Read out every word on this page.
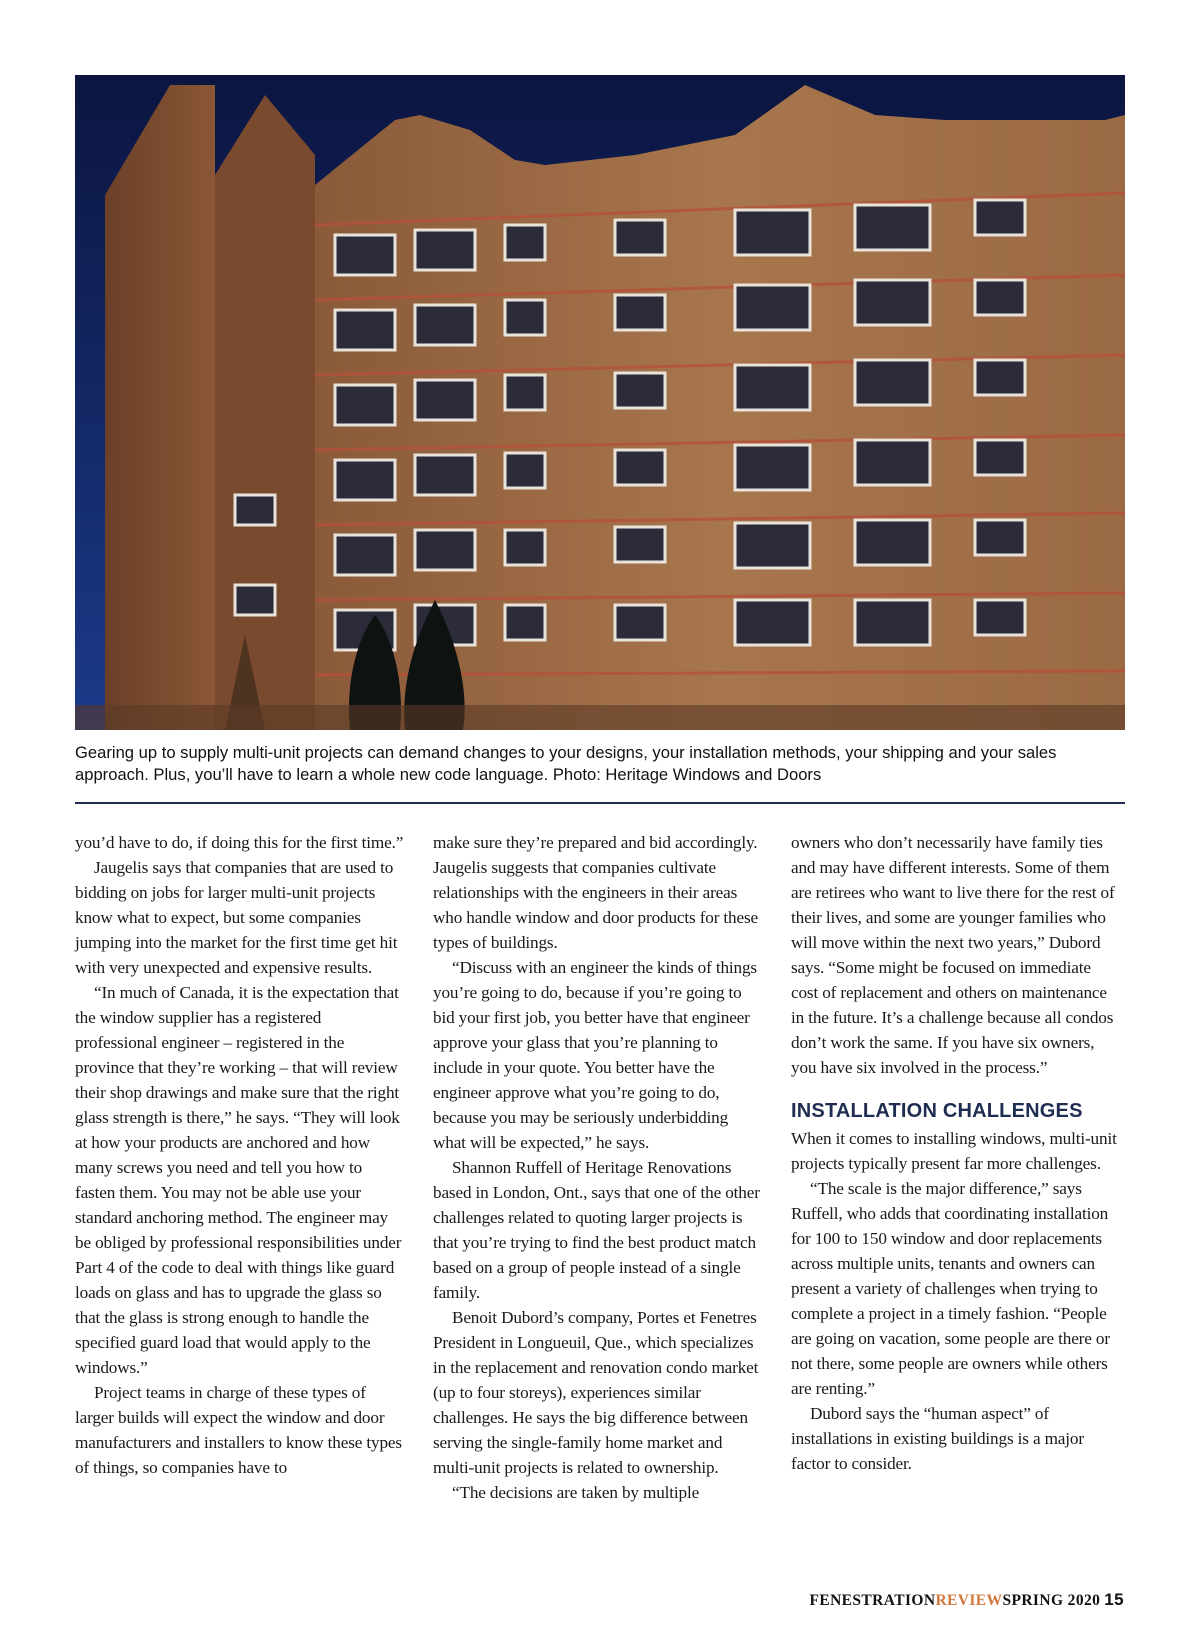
Gearing up to supply multi-unit projects can demand changes to your designs, your installation methods, your shipping and your sales approach. Plus, you’ll have to learn a whole new code language. Photo: Heritage Windows and Doors

you’d have to do, if doing this for the first time.”

Jaugelis says that companies that are used to bidding on jobs for larger multi-unit projects know what to expect, but some companies jumping into the market for the first time get hit with very unexpected and expensive results.

“In much of Canada, it is the expectation that the window supplier has a registered professional engineer – registered in the province that they’re working – that will review their shop drawings and make sure that the right glass strength is there,” he says. “They will look at how your products are anchored and how many screws you need and tell you how to fasten them. You may not be able use your standard anchoring method. The engineer may be obliged by professional responsibilities under Part 4 of the code to deal with things like guard loads on glass and has to upgrade the glass so that the glass is strong enough to handle the specified guard load that would apply to the windows.”

Project teams in charge of these types of larger builds will expect the window and door manufacturers and installers to know these types of things, so companies have to

make sure they’re prepared and bid accordingly. Jaugelis suggests that companies cultivate relationships with the engineers in their areas who handle window and door products for these types of buildings.

“Discuss with an engineer the kinds of things you’re going to do, because if you’re going to bid your first job, you better have that engineer approve your glass that you’re planning to include in your quote. You better have the engineer approve what you’re going to do, because you may be seriously underbidding what will be expected,” he says.

Shannon Ruffell of Heritage Renovations based in London, Ont., says that one of the other challenges related to quoting larger projects is that you’re trying to find the best product match based on a group of people instead of a single family.

Benoit Dubord’s company, Portes et Fenetres President in Longueuil, Que., which specializes in the replacement and renovation condo market (up to four storeys), experiences similar challenges. He says the big difference between serving the single-family home market and multi-unit projects is related to ownership.

“The decisions are taken by multiple

owners who don’t necessarily have family ties and may have different interests. Some of them are retirees who want to live there for the rest of their lives, and some are younger families who will move within the next two years,” Dubord says. “Some might be focused on immediate cost of replacement and others on maintenance in the future. It’s a challenge because all condos don’t work the same. If you have six owners, you have six involved in the process.”

INSTALLATION CHALLENGES

When it comes to installing windows, multi-unit projects typically present far more challenges.

“The scale is the major difference,” says Ruffell, who adds that coordinating installation for 100 to 150 window and door replacements across multiple units, tenants and owners can present a variety of challenges when trying to complete a project in a timely fashion. “People are going on vacation, some people are there or not there, some people are owners while others are renting.”

Dubord says the “human aspect” of installations in existing buildings is a major factor to consider.

FENESTRATIONREVIEWSPRING 2020 15
